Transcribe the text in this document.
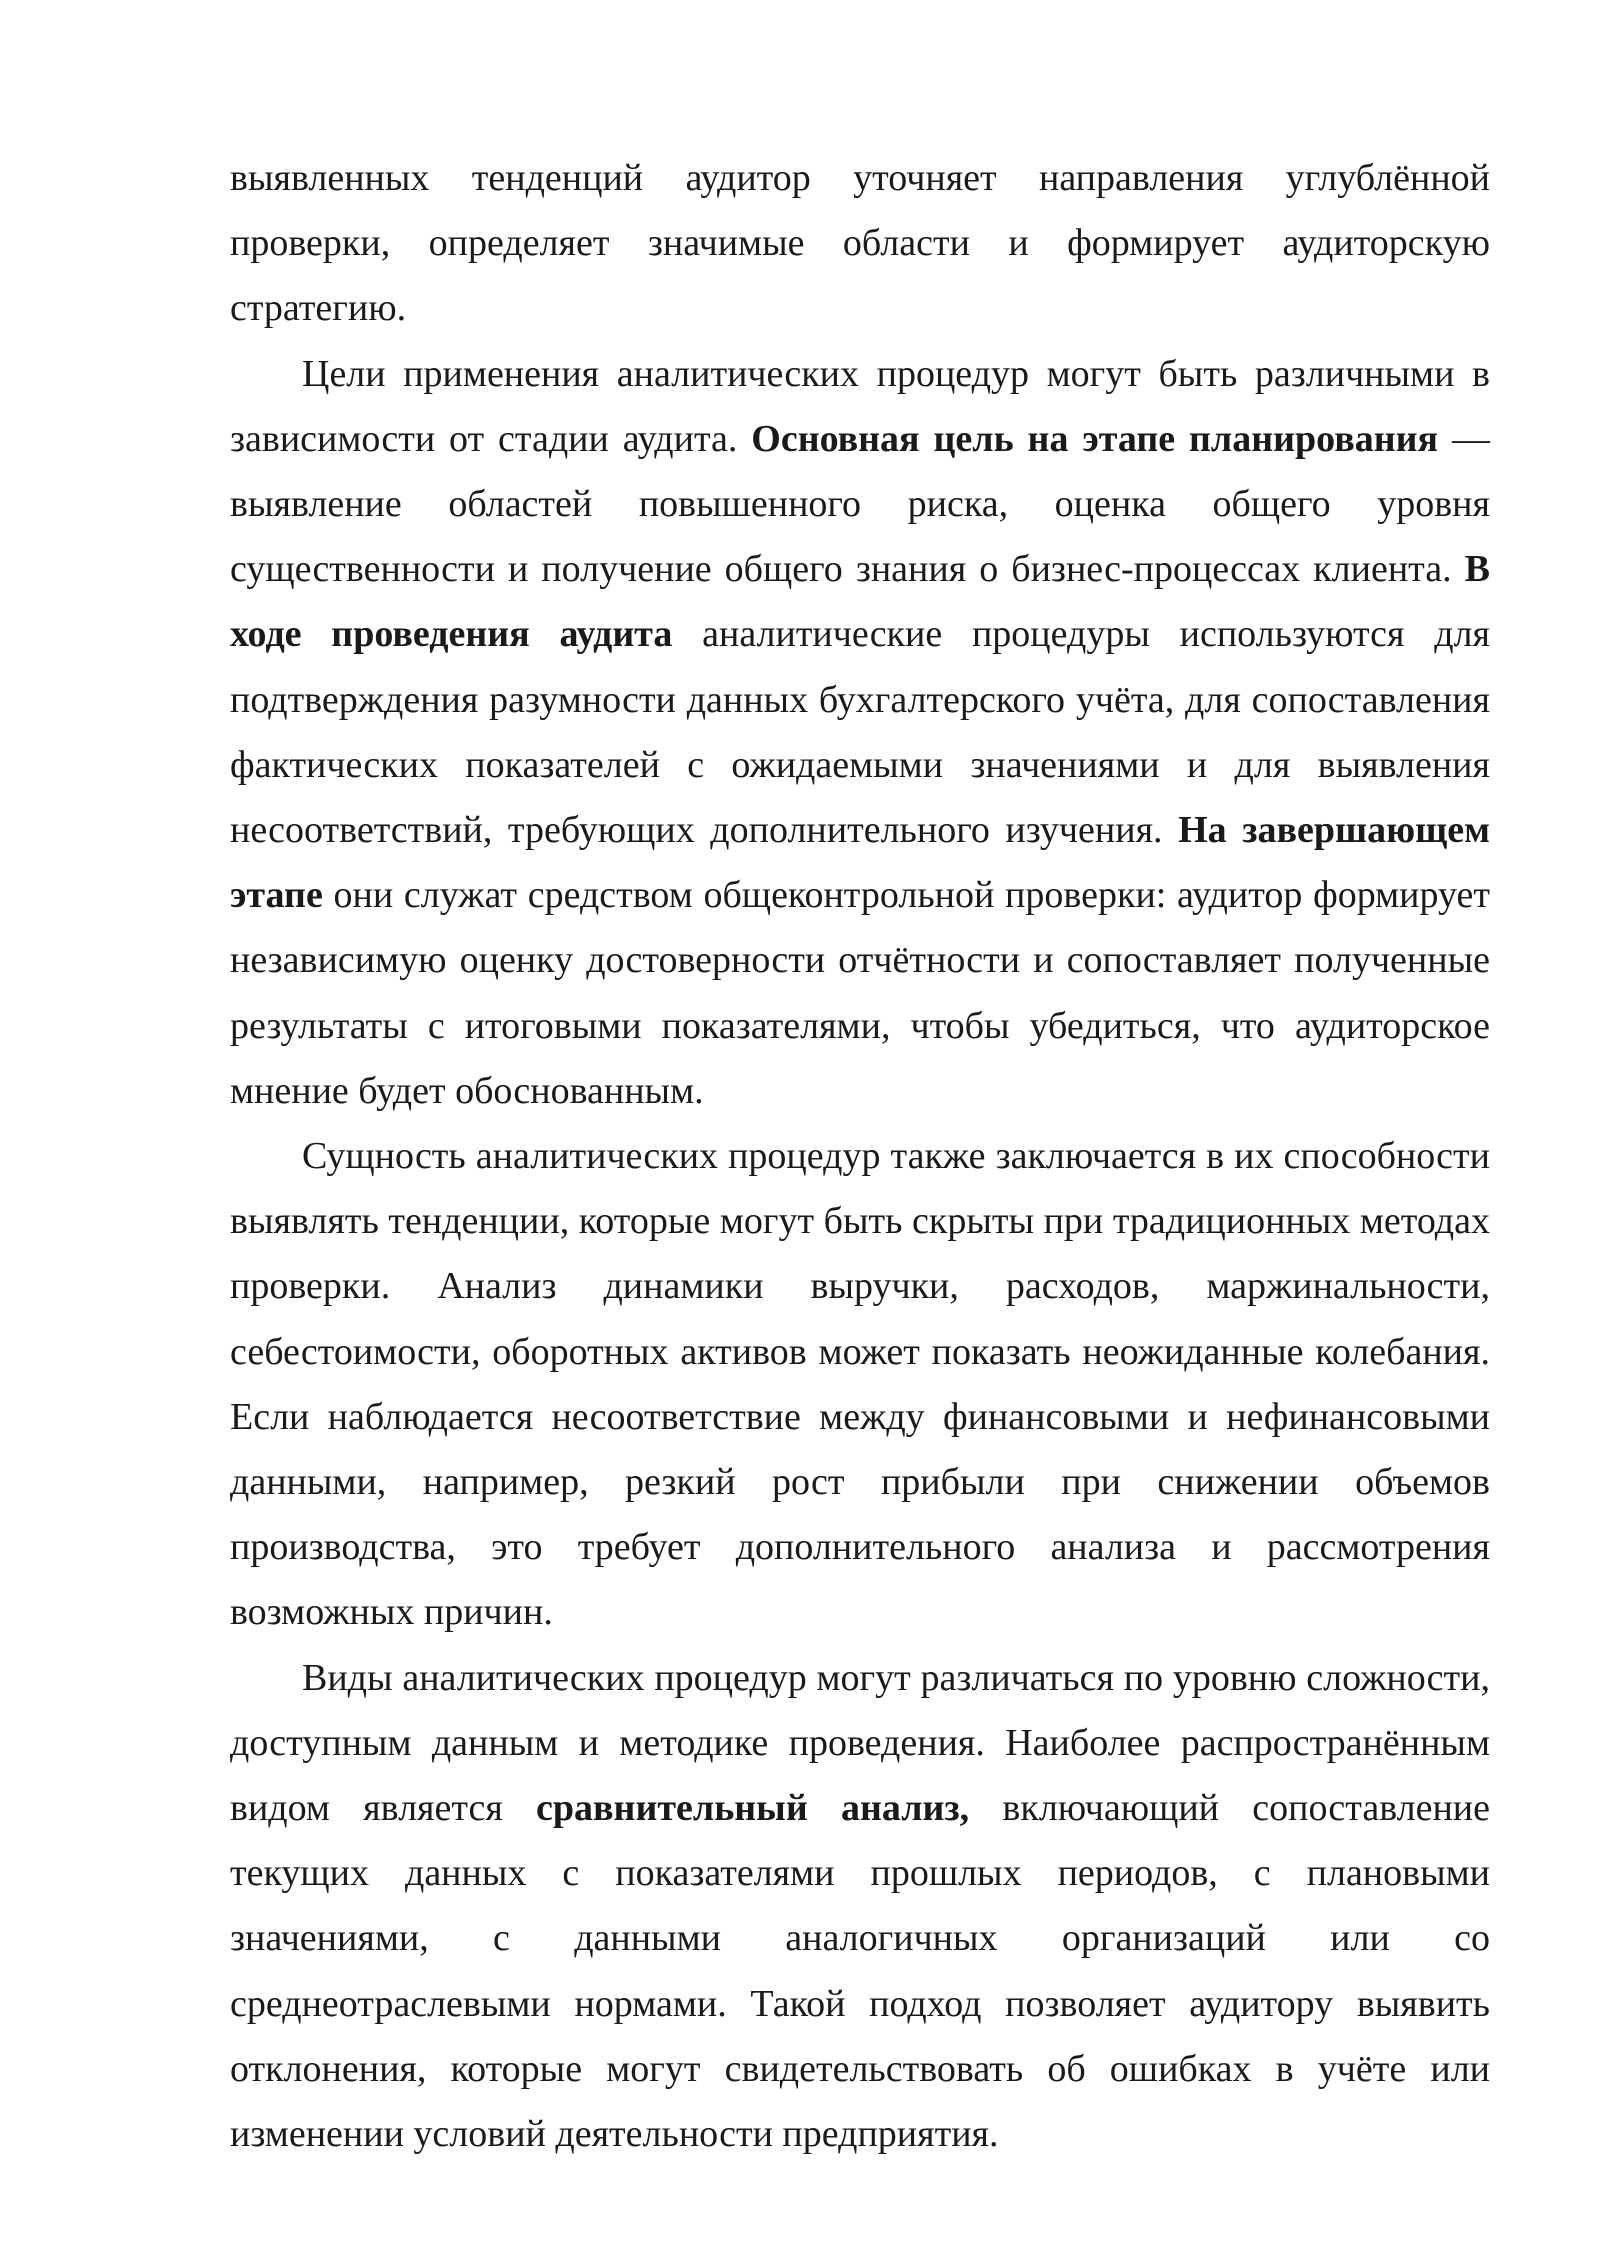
выявленных тенденций аудитор уточняет направления углублённой проверки, определяет значимые области и формирует аудиторскую стратегию.

Цели применения аналитических процедур могут быть различными в зависимости от стадии аудита. Основная цель на этапе планирования — выявление областей повышенного риска, оценка общего уровня существенности и получение общего знания о бизнес-процессах клиента. В ходе проведения аудита аналитические процедуры используются для подтверждения разумности данных бухгалтерского учёта, для сопоставления фактических показателей с ожидаемыми значениями и для выявления несоответствий, требующих дополнительного изучения. На завершающем этапе они служат средством общеконтрольной проверки: аудитор формирует независимую оценку достоверности отчётности и сопоставляет полученные результаты с итоговыми показателями, чтобы убедиться, что аудиторское мнение будет обоснованным.

Сущность аналитических процедур также заключается в их способности выявлять тенденции, которые могут быть скрыты при традиционных методах проверки. Анализ динамики выручки, расходов, маржинальности, себестоимости, оборотных активов может показать неожиданные колебания. Если наблюдается несоответствие между финансовыми и нефинансовыми данными, например, резкий рост прибыли при снижении объемов производства, это требует дополнительного анализа и рассмотрения возможных причин.

Виды аналитических процедур могут различаться по уровню сложности, доступным данным и методике проведения. Наиболее распространённым видом является сравнительный анализ, включающий сопоставление текущих данных с показателями прошлых периодов, с плановыми значениями, с данными аналогичных организаций или со среднеотраслевыми нормами. Такой подход позволяет аудитору выявить отклонения, которые могут свидетельствовать об ошибках в учёте или изменении условий деятельности предприятия.
